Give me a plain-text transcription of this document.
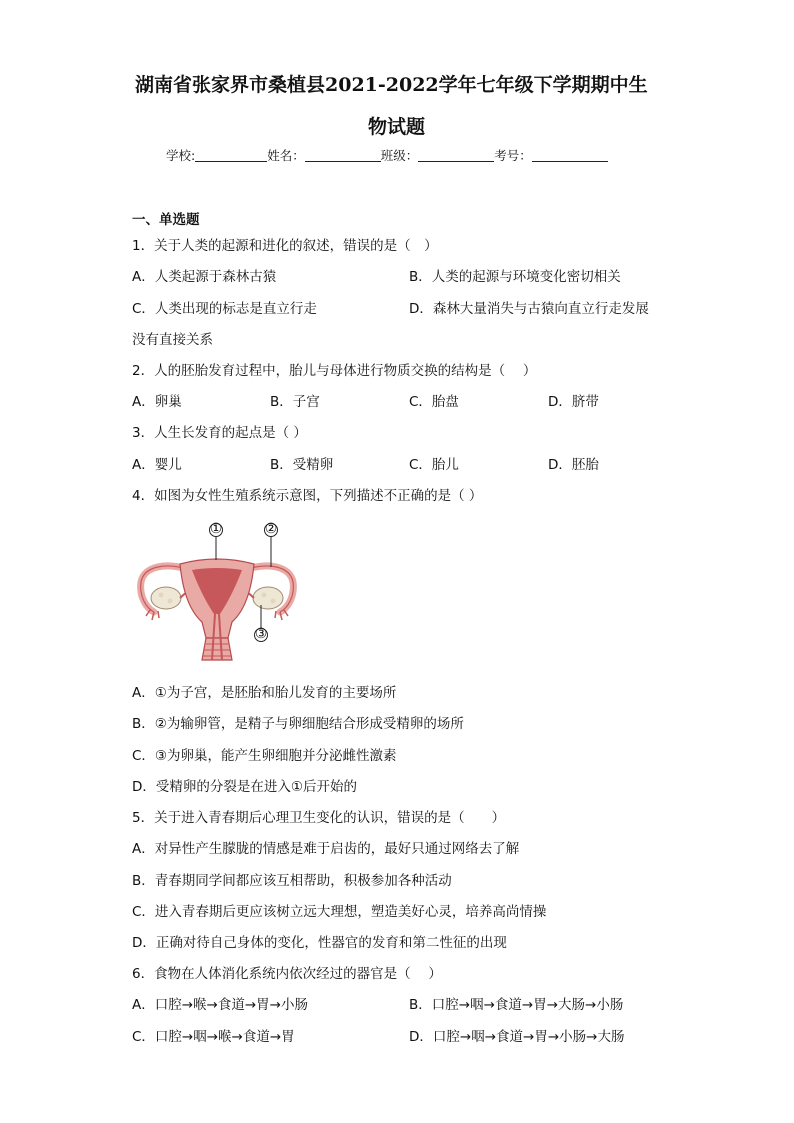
湖南省张家界市桑植县2021-2022学年七年级下学期期中生
物试题
学校:	姓名：	班级：	考号：
一、单选题
1．关于人类的起源和进化的叙述，错误的是（　）
A．人类起源于森林古猿	B．人类的起源与环境变化密切相关
C．人类出现的标志是直立行走	D．森林大量消失与古猿向直立行走发展
没有直接关系
2．人的胚胎发育过程中，胎儿与母体进行物质交换的结构是（　 ）
A．卵巢	B．子宫	C．胎盘	D．脐带
3．人生长发育的起点是（ ）
A．婴儿	B．受精卵	C．胎儿	D．胚胎
4．如图为女性生殖系统示意图，下列描述不正确的是（ ）
①	②
③
A．①为子宫，是胚胎和胎儿发育的主要场所
B．②为输卵管，是精子与卵细胞结合形成受精卵的场所
C．③为卵巢，能产生卵细胞并分泌雌性激素
D．受精卵的分裂是在进入①后开始的
5．关于进入青春期后心理卫生变化的认识，错误的是（　　）
A．对异性产生朦胧的情感是难于启齿的，最好只通过网络去了解
B．青春期同学间都应该互相帮助，积极参加各种活动
C．进入青春期后更应该树立远大理想，塑造美好心灵，培养高尚情操
D．正确对待自己身体的变化，性器官的发育和第二性征的出现
6．食物在人体消化系统内依次经过的器官是（　 ）
A．口腔→喉→食道→胃→小肠	B．口腔→咽→食道→胃→大肠→小肠
C．口腔→咽→喉→食道→胃	D．口腔→咽→食道→胃→小肠→大肠
